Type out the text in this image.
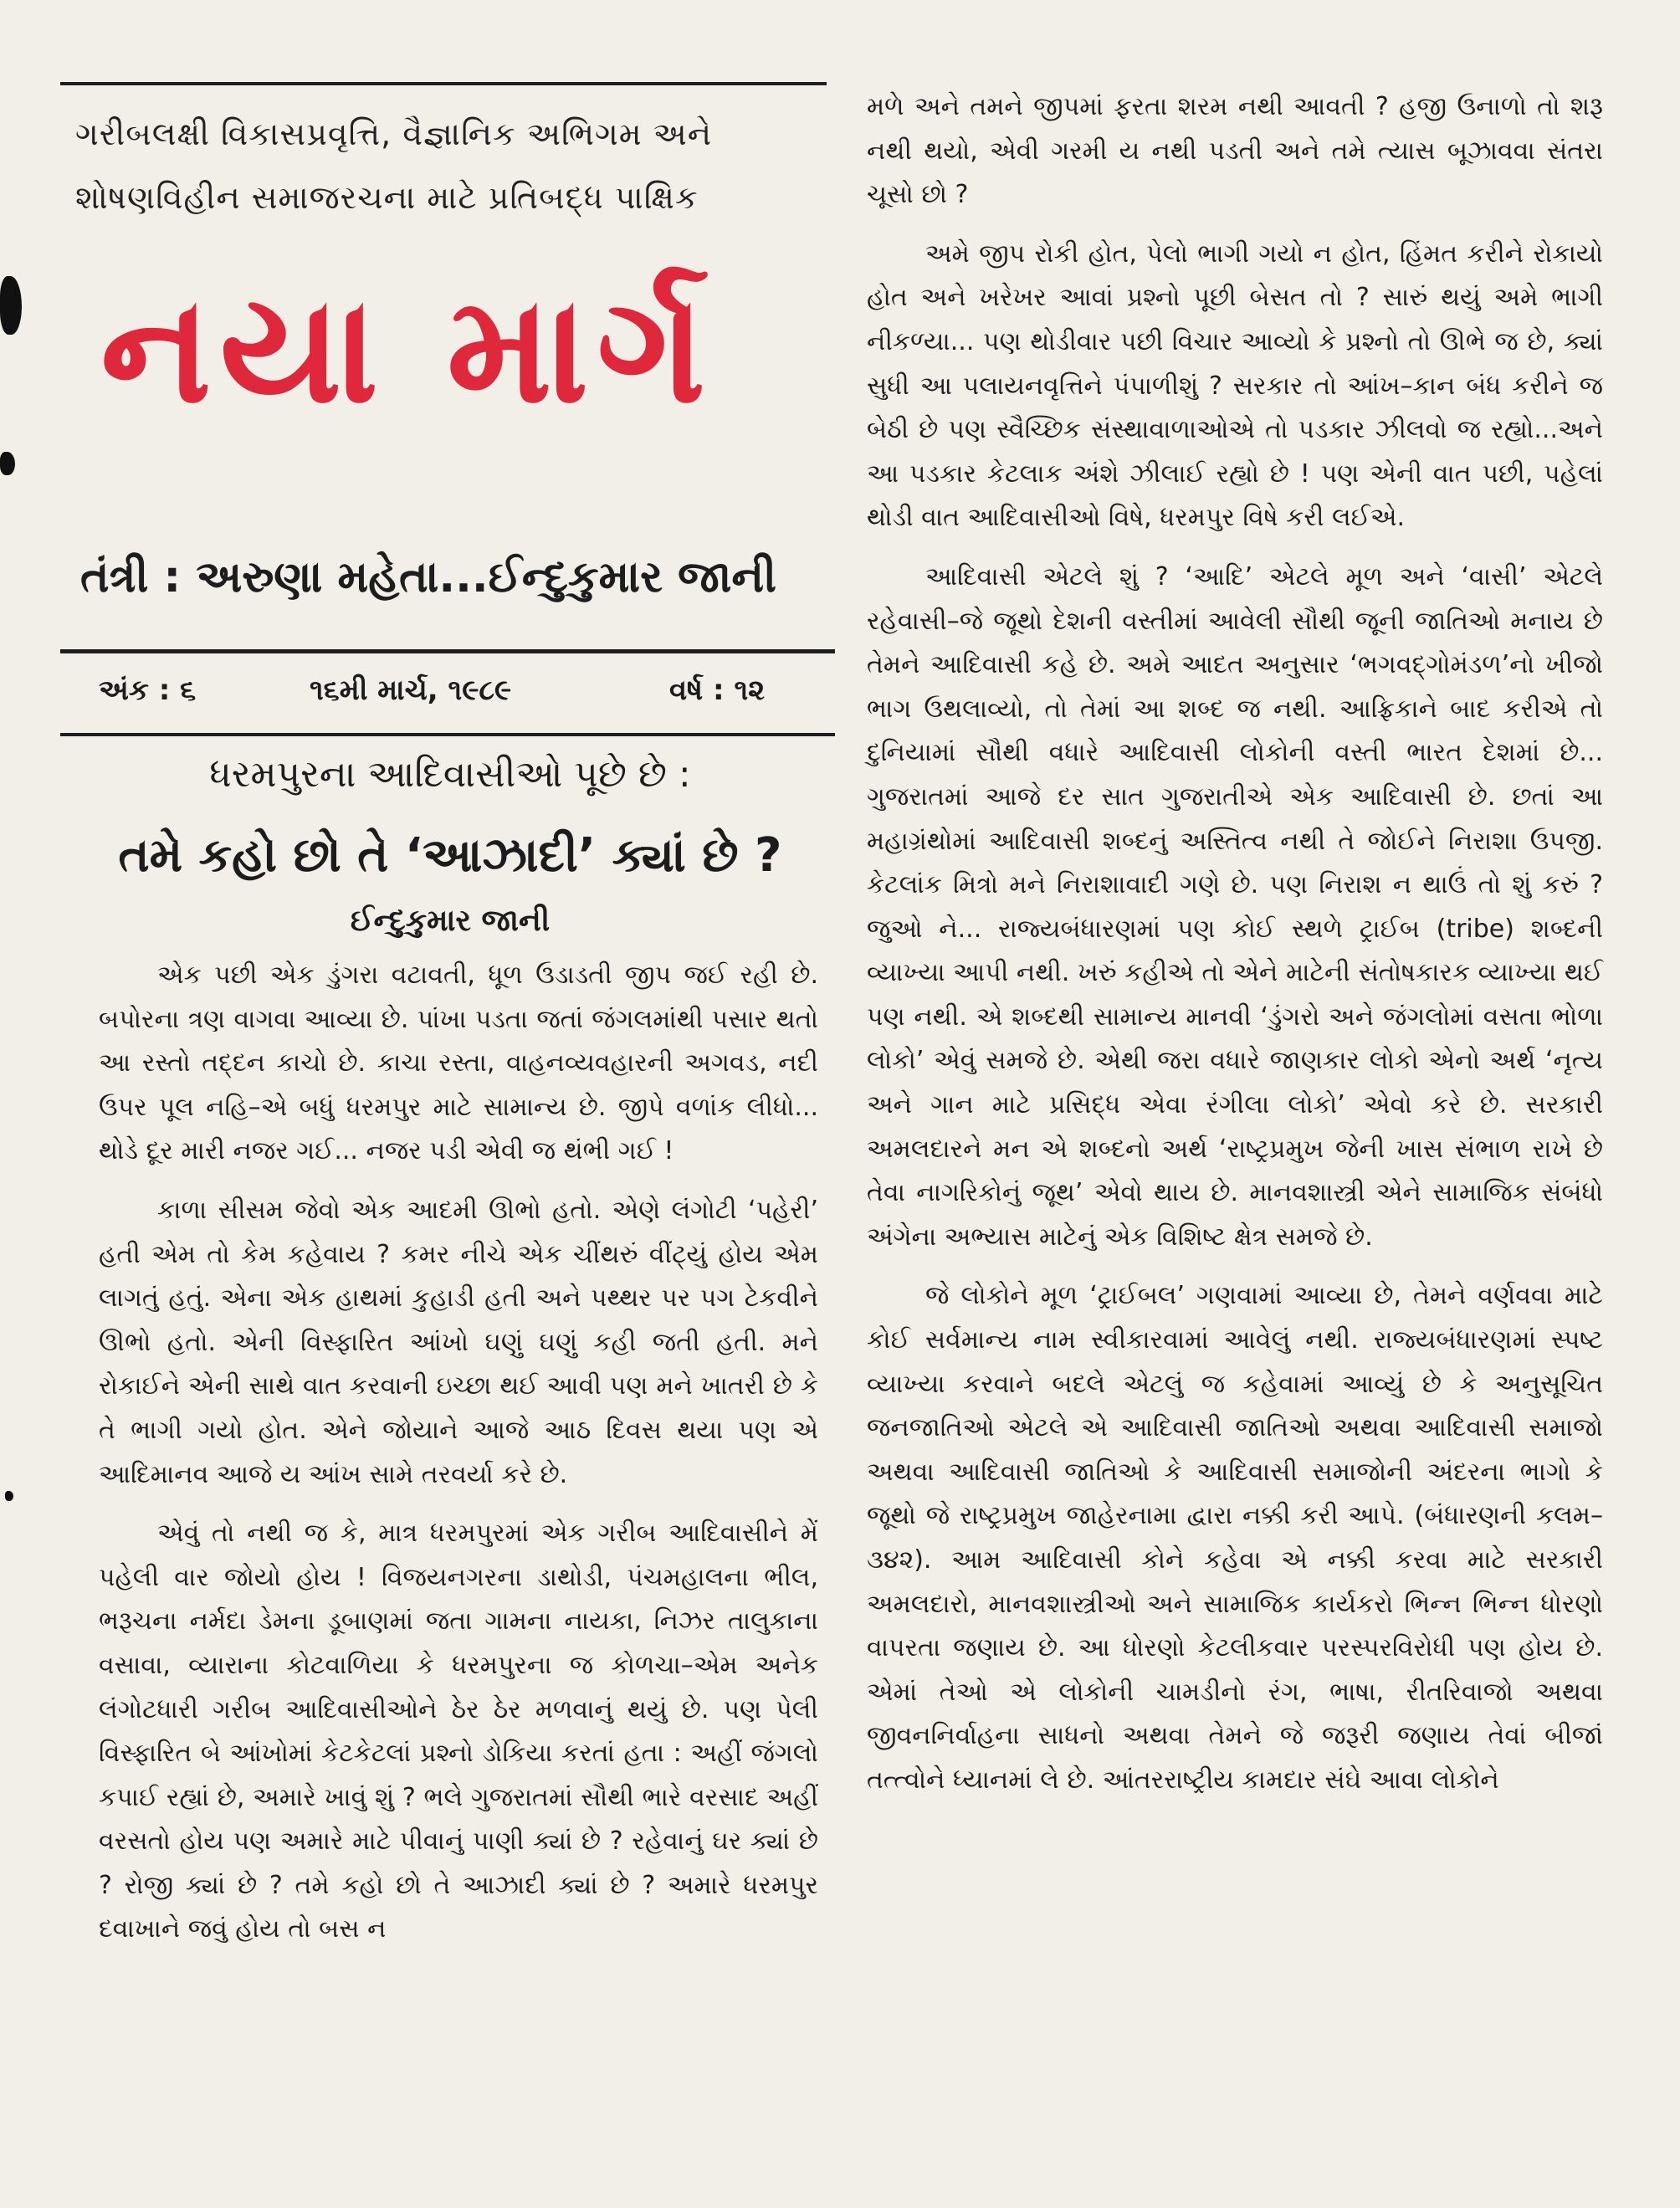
ગરીબલક્ષી વિકાસપ્રવૃત્તિ, વૈજ્ઞાનિક અભિગમ અને
શોષણવિહીન સમાજરચના માટે પ્રતિબદ્ધ પાક્ષિક
નયા માર્ગ
તંત્રી : અરુણા મહેતા...ઈન્દુકુમાર જાની
અંક : ૬	૧૬મી માર્ચ, ૧૯૮૯	વર્ષ : ૧૨
ધરમપુરના આદિવાસીઓ પૂછે છે :
તમે કહો છો તે ‘આઝાદી’ ક્યાં છે ?
ઈન્દુકુમાર જાની

એક પછી એક ડુંગરા વટાવતી, ધૂળ ઉડાડતી જીપ જઈ રહી છે. બપોરના ત્રણ વાગવા આવ્યા છે. પાંખા પડતા જતાં જંગલમાંથી પસાર થતો આ રસ્તો તદ્દન કાચો છે. કાચા રસ્તા, વાહનવ્યવહારની અગવડ, નદી ઉપર પૂલ નહિ–એ બધું ધરમપુર માટે સામાન્ય છે. જીપે વળાંક લીધો... થોડે દૂર મારી નજર ગઈ... નજર પડી એવી જ થંભી ગઈ !

કાળા સીસમ જેવો એક આદમી ઊભો હતો. એણે લંગોટી ‘પહેરી’ હતી એમ તો કેમ કહેવાય ? કમર નીચે એક ચીંથરું વીંટ્યું હોય એમ લાગતું હતું. એના એક હાથમાં કુહાડી હતી અને પથ્થર પર પગ ટેકવીને ઊભો હતો. એની વિસ્ફારિત આંખો ઘણું ઘણું કહી જતી હતી. મને રોકાઈને એની સાથે વાત કરવાની ઇચ્છા થઈ આવી પણ મને ખાતરી છે કે તે ભાગી ગયો હોત. એને જોયાને આજે આઠ દિવસ થયા પણ એ આદિમાનવ આજે ય આંખ સામે તરવર્યા કરે છે.

એવું તો નથી જ કે, માત્ર ધરમપુરમાં એક ગરીબ આદિવાસીને મેં પહેલી વાર જોયો હોય ! વિજયનગરના ડાથોડી, પંચમહાલના ભીલ, ભરૂચના નર્મદા ડેમના ડૂબાણમાં જતા ગામના નાયકા, નિઝર તાલુકાના વસાવા, વ્યારાના કોટવાળિયા કે ધરમપુરના જ કોળચા–એમ અનેક લંગોટધારી ગરીબ આદિવાસીઓને ઠેર ઠેર મળવાનું થયું છે. પણ પેલી વિસ્ફારિત બે આંખોમાં કેટકેટલાં પ્રશ્નો ડોકિયા કરતાં હતા : અહીં જંગલો કપાઈ રહ્યાં છે, અમારે ખાવું શું ? ભલે ગુજરાતમાં સૌથી ભારે વરસાદ અહીં વરસતો હોય પણ અમારે માટે પીવાનું પાણી ક્યાં છે ? રહેવાનું ઘર ક્યાં છે ? રોજી ક્યાં છે ? તમે કહો છો તે આઝાદી ક્યાં છે ? અમારે ધરમપુર દવાખાને જવું હોય તો બસ ન

મળે અને તમને જીપમાં ફરતા શરમ નથી આવતી ? હજી ઉનાળો તો શરૂ નથી થયો, એવી ગરમી ય નથી પડતી અને તમે ત્યાસ બૂઝાવવા સંતરા ચૂસો છો ?

અમે જીપ રોકી હોત, પેલો ભાગી ગયો ન હોત, હિંમત કરીને રોકાયો હોત અને ખરેખર આવાં પ્રશ્નો પૂછી બેસત તો ? સારું થયું અમે ભાગી નીકળ્યા... પણ થોડીવાર પછી વિચાર આવ્યો કે પ્રશ્નો તો ઊભે જ છે, ક્યાં સુધી આ પલાયનવૃત્તિને પંપાળીશું ? સરકાર તો આંખ–કાન બંધ કરીને જ બેઠી છે પણ સ્વૈચ્છિક સંસ્થાવાળાઓએ તો પડકાર ઝીલવો જ રહ્યો...અને આ પડકાર કેટલાક અંશે ઝીલાઈ રહ્યો છે ! પણ એની વાત પછી, પહેલાં થોડી વાત આદિવાસીઓ વિષે, ધરમપુર વિષે કરી લઈએ.

આદિવાસી એટલે શું ? ‘આદિ’ એટલે મૂળ અને ‘વાસી’ એટલે રહેવાસી–જે જૂથો દેશની વસ્તીમાં આવેલી સૌથી જૂની જાતિઓ મનાય છે તેમને આદિવાસી કહે છે. અમે આદત અનુસાર ‘ભગવદ્ગોમંડળ’નો ખીજો ભાગ ઉથલાવ્યો, તો તેમાં આ શબ્દ જ નથી. આફ્રિકાને બાદ કરીએ તો દુનિયામાં સૌથી વધારે આદિવાસી લોકોની વસ્તી ભારત દેશમાં છે... ગુજરાતમાં આજે દર સાત ગુજરાતીએ એક આદિવાસી છે. છતાં આ મહાગ્રંથોમાં આદિવાસી શબ્દનું અસ્તિત્વ નથી તે જોઈને નિરાશા ઉપજી. કેટલાંક મિત્રો મને નિરાશાવાદી ગણે છે. પણ નિરાશ ન થાઉં તો શું કરું ? જુઓ ને... રાજ્યબંધારણમાં પણ કોઈ સ્થળે ટ્રાઈબ (tribe) શબ્દની વ્યાખ્યા આપી નથી. ખરું કહીએ તો એને માટેની સંતોષકારક વ્યાખ્યા થઈ પણ નથી. એ શબ્દથી સામાન્ય માનવી ‘ડુંગરો અને જંગલોમાં વસતા ભોળા લોકો’ એવું સમજે છે. એથી જરા વધારે જાણકાર લોકો એનો અર્થ ‘નૃત્ય અને ગાન માટે પ્રસિદ્ધ એવા રંગીલા લોકો’ એવો કરે છે. સરકારી અમલદારને મન એ શબ્દનો અર્થ ‘રાષ્ટ્રપ્રમુખ જેની ખાસ સંભાળ રાખે છે તેવા નાગરિકોનું જૂથ’ એવો થાય છે. માનવશાસ્ત્રી એને સામાજિક સંબંધો અંગેના અભ્યાસ માટેનું એક વિશિષ્ટ ક્ષેત્ર સમજે છે.

જે લોકોને મૂળ ‘ટ્રાઈબલ’ ગણવામાં આવ્યા છે, તેમને વર્ણવવા માટે કોઈ સર્વમાન્ય નામ સ્વીકારવામાં આવેલું નથી. રાજ્યબંધારણમાં સ્પષ્ટ વ્યાખ્યા કરવાને બદલે એટલું જ કહેવામાં આવ્યું છે કે અનુસૂચિત જનજાતિઓ એટલે એ આદિવાસી જાતિઓ અથવા આદિવાસી સમાજો અથવા આદિવાસી જાતિઓ કે આદિવાસી સમાજોની અંદરના ભાગો કે જૂથો જે રાષ્ટ્રપ્રમુખ જાહેરનામા દ્વારા નક્કી કરી આપે. (બંધારણની કલમ–૩૪૨). આમ આદિવાસી કોને કહેવા એ નક્કી કરવા માટે સરકારી અમલદારો, માનવશાસ્ત્રીઓ અને સામાજિક કાર્યકરો ભિન્ન ભિન્ન ધોરણો વાપરતા જણાય છે. આ ધોરણો કેટલીકવાર પરસ્પરવિરોધી પણ હોય છે. એમાં તેઓ એ લોકોની ચામડીનો રંગ, ભાષા, રીતરિવાજો અથવા જીવનનિર્વાહના સાધનો અથવા તેમને જે જરૂરી જણાય તેવાં બીજાં તત્ત્વોને ધ્યાનમાં લે છે. આંતરરાષ્ટ્રીય કામદાર સંઘે આવા લોકોને
